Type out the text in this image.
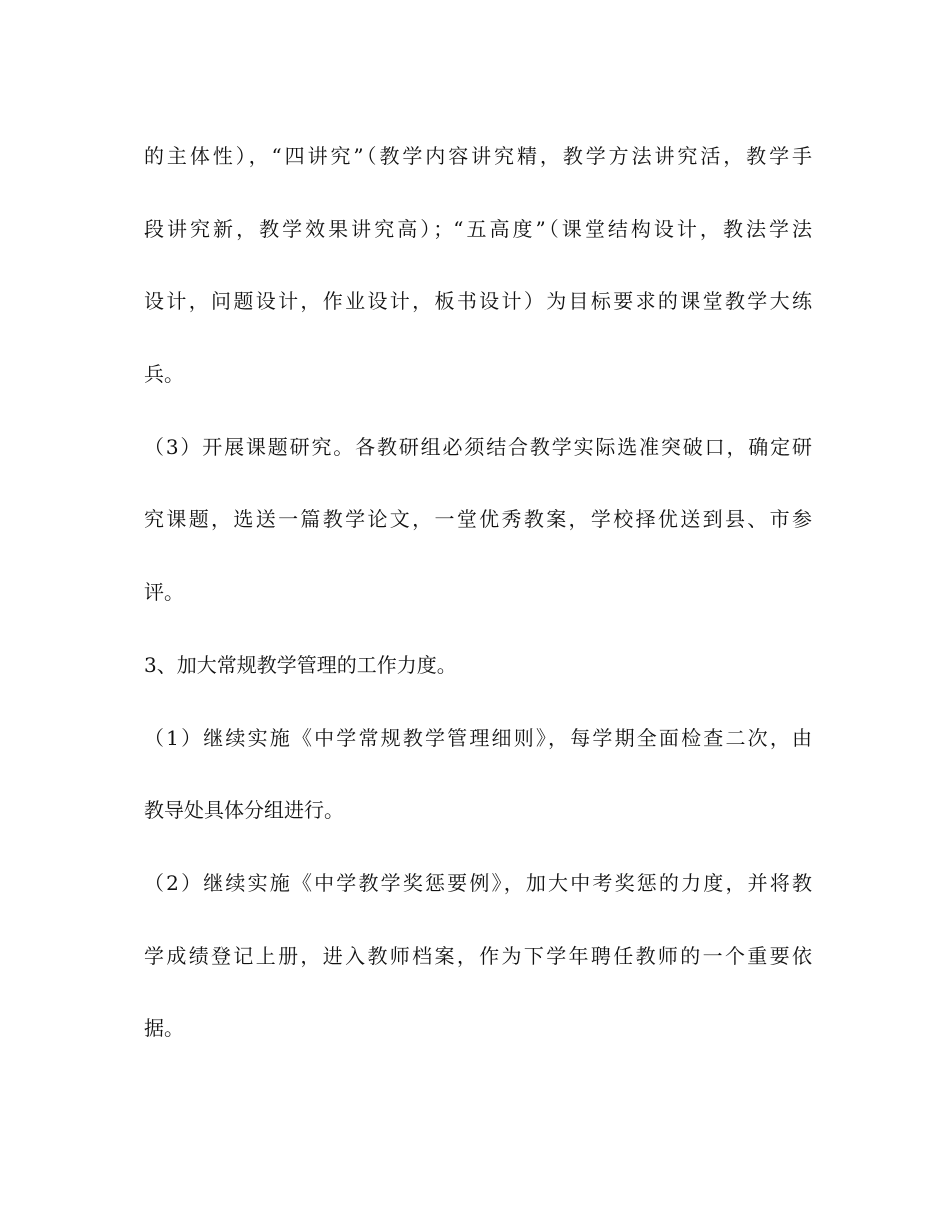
的主体性），“四讲究”（教学内容讲究精，教学方法讲究活，教学手
段讲究新，教学效果讲究高）；“五高度”（课堂结构设计，教法学法
设计，问题设计，作业设计，板书设计）为目标要求的课堂教学大练
兵。
（3）开展课题研究。各教研组必须结合教学实际选准突破口，确定研
究课题，选送一篇教学论文，一堂优秀教案，学校择优送到县、市参
评。
3、加大常规教学管理的工作力度。
（1）继续实施《中学常规教学管理细则》，每学期全面检查二次，由
教导处具体分组进行。
（2）继续实施《中学教学奖惩要例》，加大中考奖惩的力度，并将教
学成绩登记上册，进入教师档案，作为下学年聘任教师的一个重要依
据。
